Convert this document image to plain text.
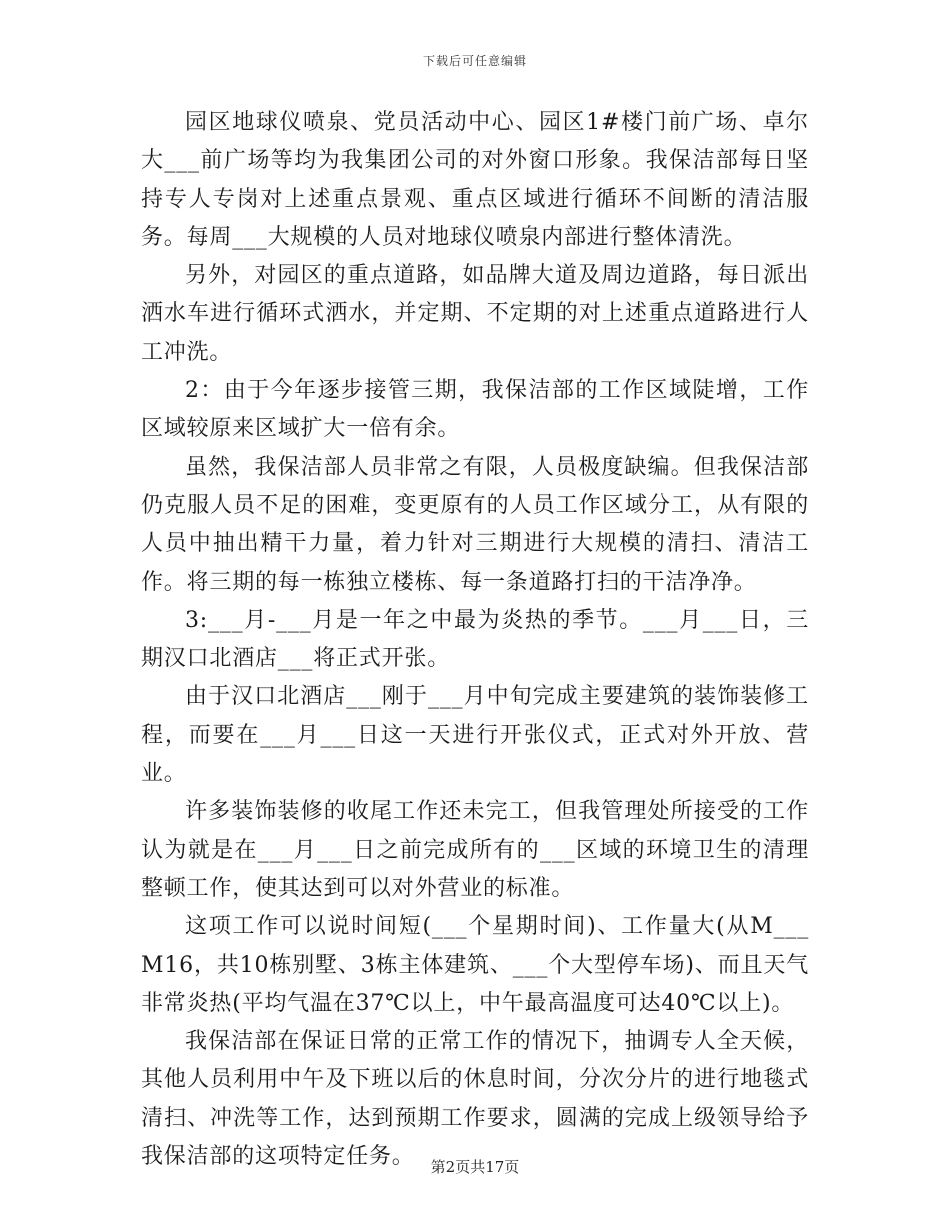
下载后可任意编辑

园区地球仪喷泉、党员活动中心、园区1#楼门前广场、卓尔大___前广场等均为我集团公司的对外窗口形象。我保洁部每日坚持专人专岗对上述重点景观、重点区域进行循环不间断的清洁服务。每周___大规模的人员对地球仪喷泉内部进行整体清洗。

另外，对园区的重点道路，如品牌大道及周边道路，每日派出洒水车进行循环式洒水，并定期、不定期的对上述重点道路进行人工冲洗。

2：由于今年逐步接管三期，我保洁部的工作区域陡增，工作区域较原来区域扩大一倍有余。

虽然，我保洁部人员非常之有限，人员极度缺编。但我保洁部仍克服人员不足的困难，变更原有的人员工作区域分工，从有限的人员中抽出精干力量，着力针对三期进行大规模的清扫、清洁工作。将三期的每一栋独立楼栋、每一条道路打扫的干洁净净。

3:___月-___月是一年之中最为炎热的季节。___月___日，三期汉口北酒店___将正式开张。

由于汉口北酒店___刚于___月中旬完成主要建筑的装饰装修工程，而要在___月___日这一天进行开张仪式，正式对外开放、营业。

许多装饰装修的收尾工作还未完工，但我管理处所接受的工作认为就是在___月___日之前完成所有的___区域的环境卫生的清理整顿工作，使其达到可以对外营业的标准。

这项工作可以说时间短(___个星期时间)、工作量大(从M___M16，共10栋别墅、3栋主体建筑、___个大型停车场)、而且天气非常炎热(平均气温在37℃以上，中午最高温度可达40℃以上)。

我保洁部在保证日常的正常工作的情况下，抽调专人全天候，其他人员利用中午及下班以后的休息时间，分次分片的进行地毯式清扫、冲洗等工作，达到预期工作要求，圆满的完成上级领导给予我保洁部的这项特定任务。	第2页共17页
